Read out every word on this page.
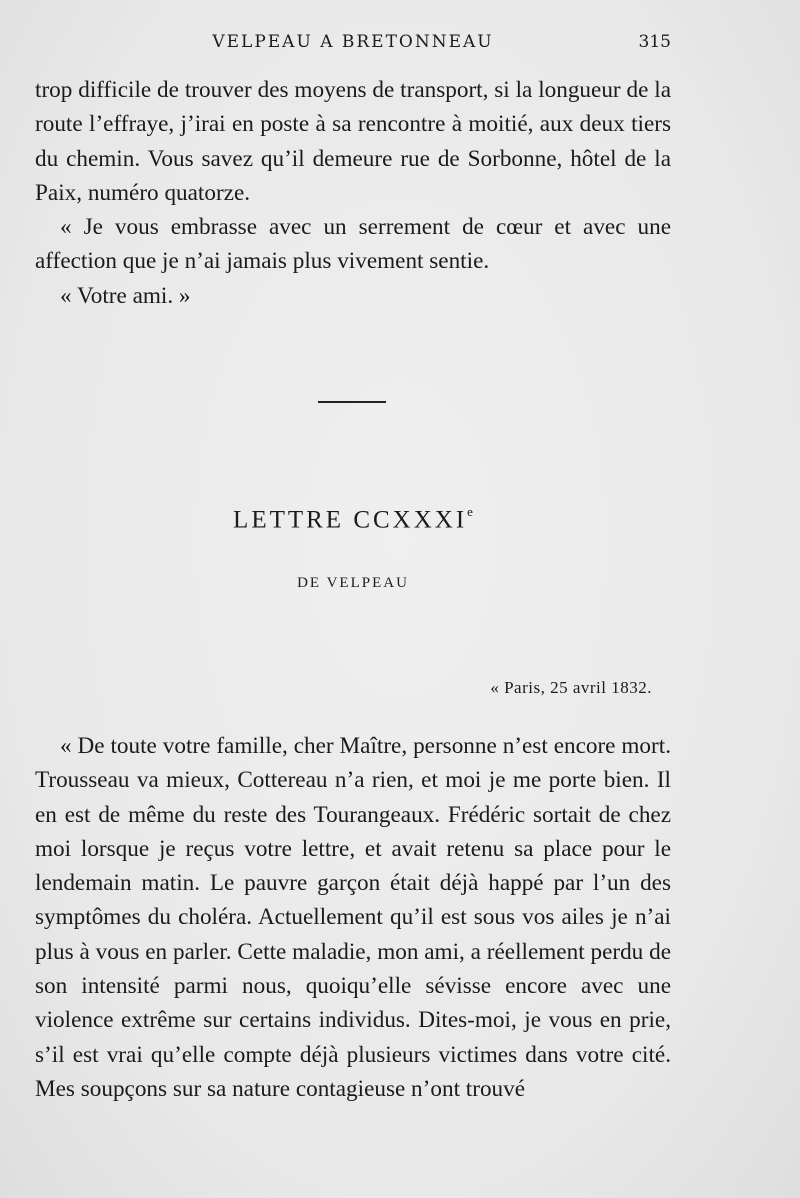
VELPEAU A BRETONNEAU	315

trop difficile de trouver des moyens de transport, si la longueur de la route l’effraye, j’irai en poste à sa rencontre à moitié, aux deux tiers du chemin. Vous savez qu’il demeure rue de Sorbonne, hôtel de la Paix, numéro quatorze.

« Je vous embrasse avec un serrement de cœur et avec une affection que je n’ai jamais plus vivement sentie.

« Votre ami. »

LETTRE CCXXXIe
DE VELPEAU
« Paris, 25 avril 1832.

« De toute votre famille, cher Maître, personne n’est encore mort. Trousseau va mieux, Cottereau n’a rien, et moi je me porte bien. Il en est de même du reste des Tourangeaux. Frédéric sortait de chez moi lorsque je reçus votre lettre, et avait retenu sa place pour le lendemain matin. Le pauvre garçon était déjà happé par l’un des symptômes du choléra. Actuellement qu’il est sous vos ailes je n’ai plus à vous en parler. Cette maladie, mon ami, a réellement perdu de son intensité parmi nous, quoiqu’elle sévisse encore avec une violence extrême sur certains individus. Dites-moi, je vous en prie, s’il est vrai qu’elle compte déjà plusieurs victimes dans votre cité. Mes soupçons sur sa nature contagieuse n’ont trouvé
